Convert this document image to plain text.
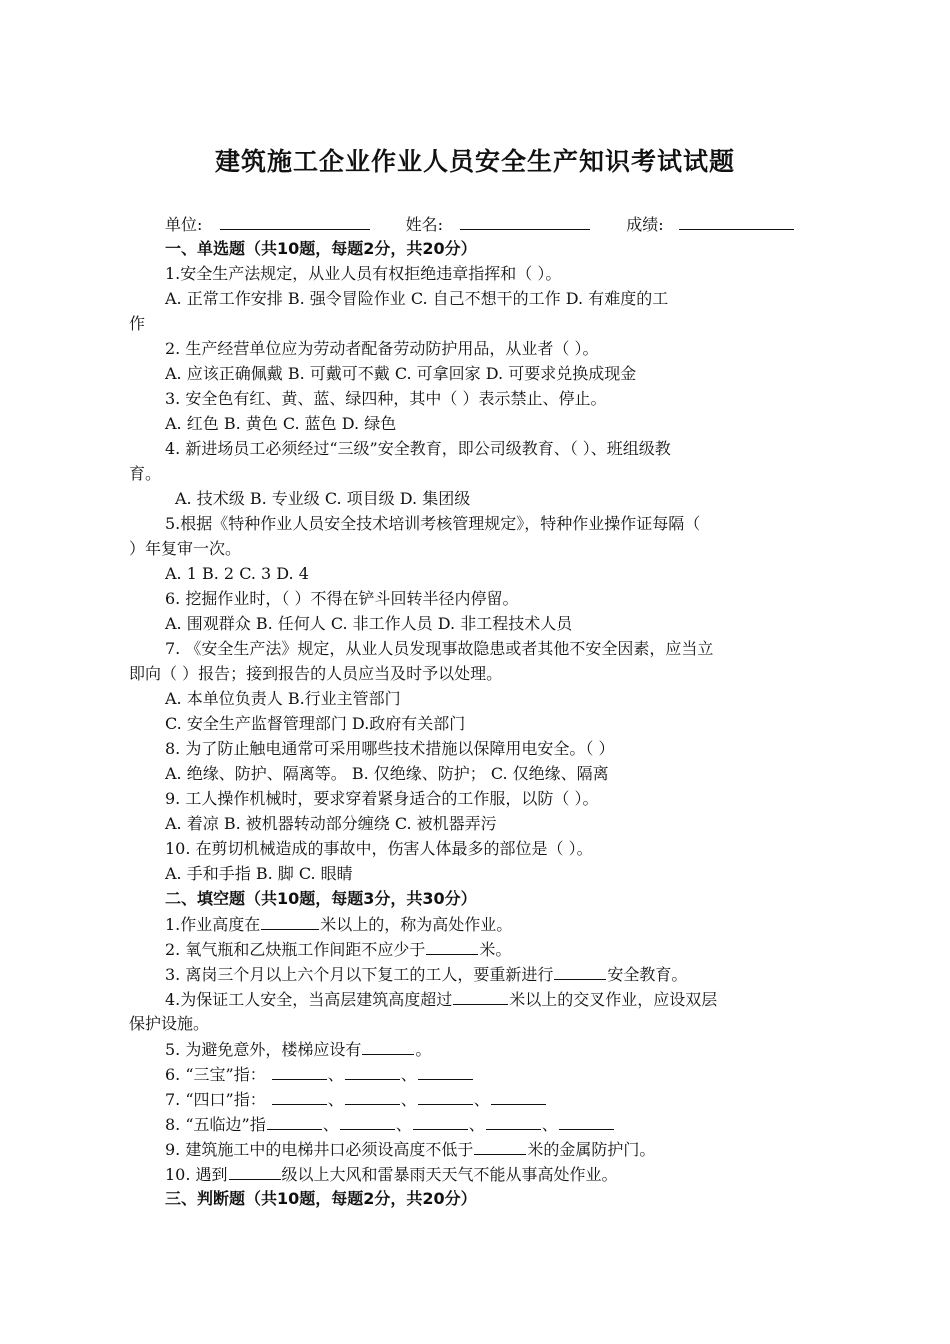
建筑施工企业作业人员安全生产知识考试试题
单位:	姓名:	成绩:
一、单选题（共10题，每题2分，共20分）
1.安全生产法规定，从业人员有权拒绝违章指挥和（ ）。
A. 正常工作安排 B. 强令冒险作业 C. 自己不想干的工作 D. 有难度的工
作
2. 生产经营单位应为劳动者配备劳动防护用品，从业者（ ）。
A. 应该正确佩戴 B. 可戴可不戴 C. 可拿回家 D. 可要求兑换成现金
3. 安全色有红、黄、蓝、绿四种，其中（ ）表示禁止、停止。
A. 红色 B. 黄色 C. 蓝色 D. 绿色
4. 新进场员工必须经过“三级”安全教育，即公司级教育、（ ）、班组级教
育。
A. 技术级 B. 专业级 C. 项目级 D. 集团级
5.根据《特种作业人员安全技术培训考核管理规定》，特种作业操作证每隔（
）年复审一次。
A. 1 B. 2 C. 3 D. 4
6. 挖掘作业时，（ ）不得在铲斗回转半径内停留。
A. 围观群众 B. 任何人 C. 非工作人员 D. 非工程技术人员
7. 《安全生产法》规定，从业人员发现事故隐患或者其他不安全因素，应当立
即向（ ）报告；接到报告的人员应当及时予以处理。
A. 本单位负责人 B.行业主管部门
C. 安全生产监督管理部门 D.政府有关部门
8. 为了防止触电通常可采用哪些技术措施以保障用电安全。（ ）
A. 绝缘、防护、隔离等。 B. 仅绝缘、防护； C. 仅绝缘、隔离
9. 工人操作机械时，要求穿着紧身适合的工作服，以防（ ）。
A. 着凉 B. 被机器转动部分缠绕 C. 被机器弄污
10. 在剪切机械造成的事故中，伤害人体最多的部位是（ ）。
A. 手和手指 B. 脚 C. 眼睛
二、填空题（共10题，每题3分，共30分）
1.作业高度在	米以上的，称为高处作业。
2. 氧气瓶和乙炔瓶工作间距不应少于	米。
3. 离岗三个月以上六个月以下复工的工人，要重新进行	安全教育。
4.为保证工人安全，当高层建筑高度超过	米以上的交叉作业，应设双层
保护设施。
5. 为避免意外，楼梯应设有	。
6. “三宝”指：	、	、
7. “四口”指：	、	、	、
8. “五临边”指	、	、	、	、
9. 建筑施工中的电梯井口必须设高度不低于	米的金属防护门。
10. 遇到	级以上大风和雷暴雨天天气不能从事高处作业。
三、判断题（共10题，每题2分，共20分）
